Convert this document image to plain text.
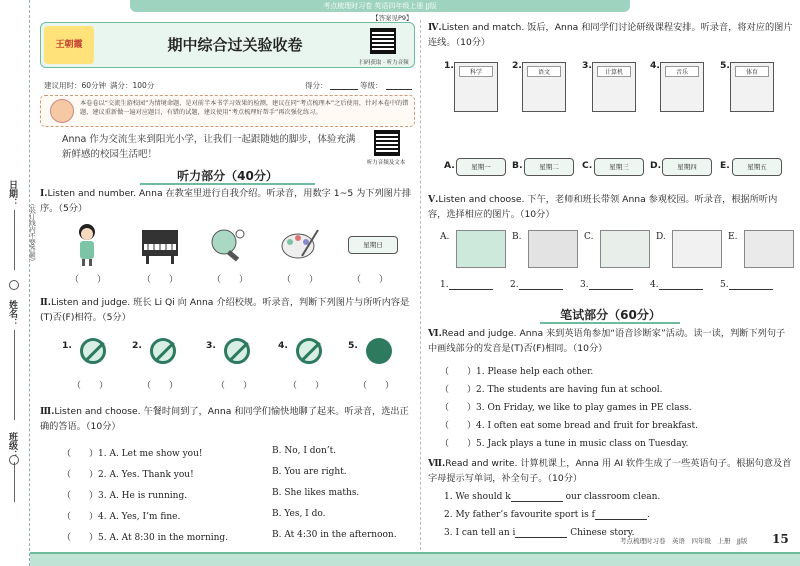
考点梳理时习卷 英语四年级上册 JJ版
日期：
（装订线内不要答题）
姓名：
班级：
【答案见P9】
王朝霞	期中综合过关验收卷
扫码获取 · 听力音频
建议用时：60分钟 满分：100分	得分：	等级：
本卷卷以“交流生游校园”为情境命题，是对前半本书学习效果的检测，建议在同“考点梳理本”之后使用，针对本卷中的错题，建议重新做一遍对应题目，有错的试题，建议使用“考点梳理好帮手”再次强化练习。
Anna 作为交流生来到阳光小学，让我们一起跟随她的脚步，体验充满新鲜感的校园生活吧！
听力音频及文本
听力部分（40分）
Ⅰ.Listen and number. Anna 在教室里进行自我介绍。听录音，用数字 1~5 为下列图片排序。（5分）
星期日
（　　）	（　　）	（　　）	（　　）	（　　）
Ⅱ.Listen and judge. 班长 Li Qi 向 Anna 介绍校规。听录音，判断下列图片与所听内容是(T)否(F)相符。（5分）
1.	2.	3.	4.	5.
（　　）	（　　）	（　　）	（　　）	（　　）
Ⅲ.Listen and choose. 午餐时间到了，Anna 和同学们愉快地聊了起来。听录音，选出正确的答语。（10分）
（　　）1. A. Let me show you!	B. No, I don’t.
（　　）2. A. Yes. Thank you!	B. You are right.
（　　）3. A. He is running.	B. She likes maths.
（　　）4. A. Yes, I’m fine.	B. Yes, I do.
（　　）5. A. At 8:30 in the morning.	B. At 4:30 in the afternoon.
Ⅳ.Listen and match. 饭后，Anna 和同学们讨论研级课程安排。听录音，将对应的图片连线。（10分）
1.
科学
2.
语文
3.
计算机
4.
音乐
5.
体育
A.	星期一	B.	星期二	C.	星期三	D.	星期四	E.	星期五
Ⅴ.Listen and choose. 下午，老师和班长带领 Anna 参观校园。听录音，根据所听内容，选择相应的图片。（10分）
A.	B.	C.	D.	E.
1.	2.	3.	4.	5.
笔试部分（60分）
Ⅵ.Read and judge. Anna 来到英语角参加“语音诊断家”活动。读一读，判断下列句子中画线部分的发音是(T)否(F)相同。（10分）
（　　）1. Please help each other.
（　　）2. The students are having fun at school.
（　　）3. On Friday, we like to play games in PE class.
（　　）4. I often eat some bread and fruit for breakfast.
（　　）5. Jack plays a tune in music class on Tuesday.
Ⅶ.Read and write. 计算机课上，Anna 用 AI 软件生成了一些英语句子。根据句意及首字母提示写单词，补全句子。（10分）
1. We should k	our classroom clean.
2. My father’s favourite sport is f	.
3. I can tell an i	Chinese story.
考点梳理时习卷　英语　四年级　上册　JJ版 15
